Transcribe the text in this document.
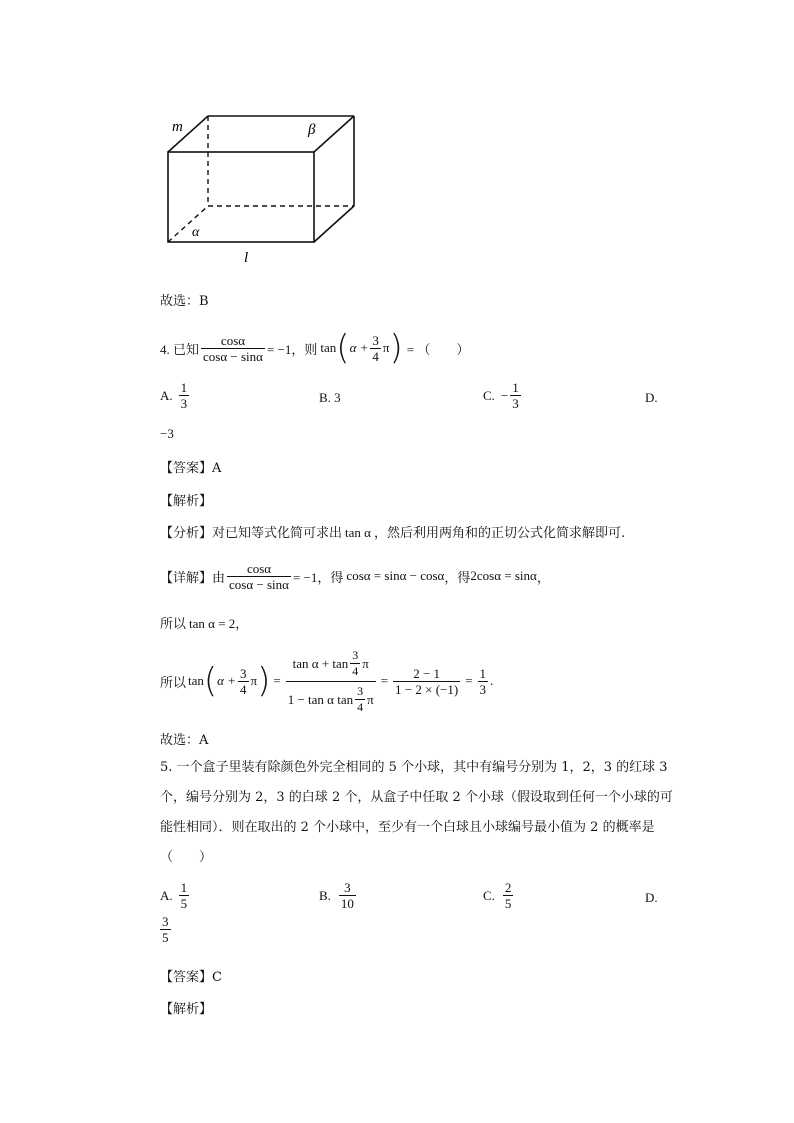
m	β
α
l
故选：B
4. 已知 $\frac{\cos\alpha}{\cos\alpha - \sin\alpha} = -1$，则 tan ( $\alpha + \frac{3}{4}$ π ) = （　　）
A. $\frac{1}{3}$	B. 3	C. − $\frac{1}{3}$	D.
−3
【答案】A
【解析】
【分析】对已知等式化简可求出 tan α ，然后利用两角和的正切公式化简求解即可.
【详解】 由 $\frac{\cos\alpha}{\cos\alpha - \sin\alpha} = -1$，得 cosα = sinα − cosα ，得 2cosα = sinα ，
所以 tan α = 2，
所以 tan ( $\alpha + \frac{3}{4}$ π ) = $\frac{\tan \alpha + \tan \frac{3}{4} \pi}{1 - \tan \alpha \tan \frac{3}{4} \pi} = \frac{2 - 1}{1 - 2 \times (-1)} = \frac{1}{3}$ .
故选：A
5. 一个盒子里装有除颜色外完全相同的 5 个小球，其中有编号分别为 1，2，3 的红球 3 个，编号分别为 2，3 的白球 2 个，从盒子中任取 2 个小球（假设取到任何一个小球的可能性相同）．则在取出的 2 个小球中，至少有一个白球且小球编号最小值为 2 的概率是（　　）
A. $\frac{1}{5}$	B. $\frac{3}{10}$	C. $\frac{2}{5}$	D.
$\frac{3}{5}$
【答案】C
【解析】
